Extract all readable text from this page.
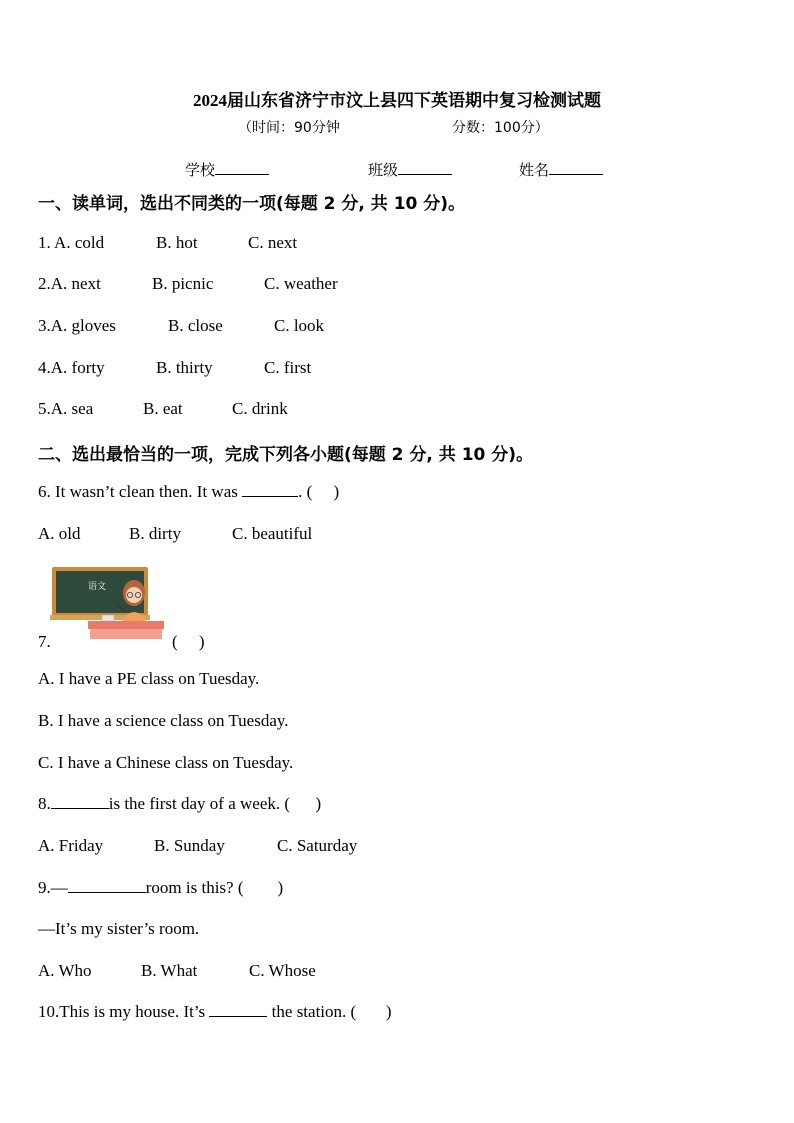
2024届山东省济宁市汶上县四下英语期中复习检测试题
（时间：90分钟	分数：100分）
学校	班级	姓名
一、读单词，选出不同类的一项(每题 2 分, 共 10 分)。
1. A. cold	B. hot	C. next
2.A. next	B. picnic	C. weather
3.A. gloves	B. close	C. look
4.A. forty	B. thirty	C. first
5.A. sea	B. eat	C. drink
二、选出最恰当的一项，完成下列各小题(每题 2 分, 共 10 分)。
6. It wasn’t clean then. It was	. (     )
A. old	B. dirty	C. beautiful
语文
7.	(     )
A. I have a PE class on Tuesday.
B. I have a science class on Tuesday.
C. I have a Chinese class on Tuesday.
8.	is the first day of a week. (      )
A. Friday	B. Sunday	C. Saturday
9.—	room is this? (        )
—It’s my sister’s room.
A. Who	B. What	C. Whose
10.This is my house. It’s	the station. (       )
